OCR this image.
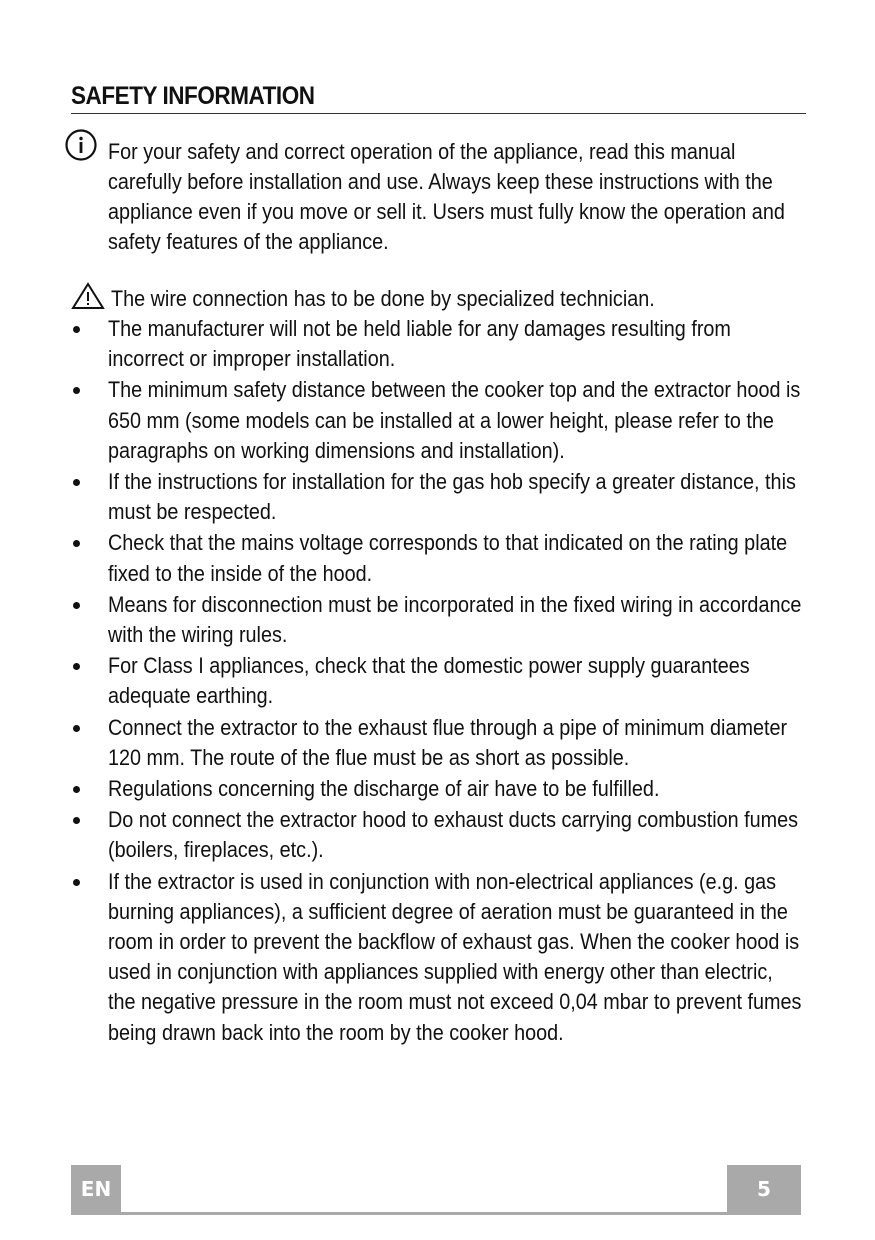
SAFETY INFORMATION
For your safety and correct operation of the appliance, read this manual carefully before installation and use. Always keep these instructions with the appliance even if you move or sell it. Users must fully know the operation and safety features of the appliance.
The wire connection has to be done by specialized technician.
The manufacturer will not be held liable for any damages resulting from incorrect or improper installation.
The minimum safety distance between the cooker top and the extractor hood is 650 mm (some models can be installed at a lower height, please refer to the paragraphs on working dimensions and installation).
If the instructions for installation for the gas hob specify a greater distance, this must be respected.
Check that the mains voltage corresponds to that indicated on the rating plate fixed to the inside of the hood.
Means for disconnection must be incorporated in the fixed wiring in accordance with the wiring rules.
For Class I appliances, check that the domestic power supply guarantees adequate earthing.
Connect the extractor to the exhaust flue through a pipe of minimum diameter 120 mm. The route of the flue must be as short as possible.
Regulations concerning the discharge of air have to be fulfilled.
Do not connect the extractor hood to exhaust ducts carrying combustion fumes (boilers, fireplaces, etc.).
If the extractor is used in conjunction with non-electrical appliances (e.g. gas burning appliances), a sufficient degree of aeration must be guaranteed in the room in order to prevent the backflow of exhaust gas. When the cooker hood is used in conjunction with appliances supplied with energy other than electric, the negative pressure in the room must not exceed 0,04 mbar to prevent fumes being drawn back into the room by the cooker hood.
EN	5
